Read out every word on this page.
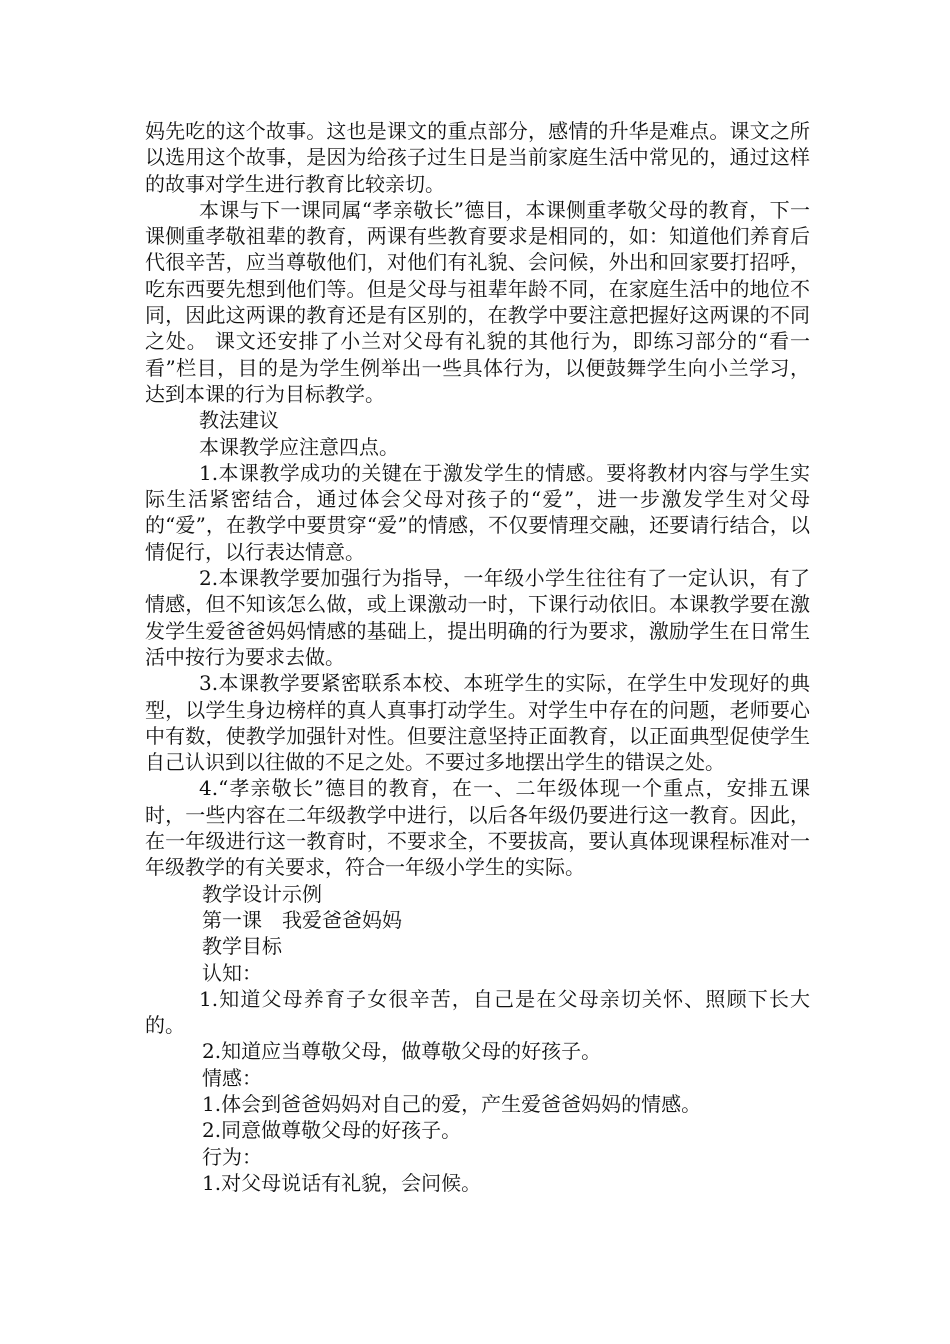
妈先吃的这个故事。这也是课文的重点部分，感情的升华是难点。课文之所以选用这个故事，是因为给孩子过生日是当前家庭生活中常见的，通过这样的故事对学生进行教育比较亲切。

本课与下一课同属“孝亲敬长”德目，本课侧重孝敬父母的教育，下一课侧重孝敬祖辈的教育，两课有些教育要求是相同的，如：知道他们养育后代很辛苦，应当尊敬他们，对他们有礼貌、会问候，外出和回家要打招呼，吃东西要先想到他们等。但是父母与祖辈年龄不同，在家庭生活中的地位不同，因此这两课的教育还是有区别的，在教学中要注意把握好这两课的不同之处。 课文还安排了小兰对父母有礼貌的其他行为，即练习部分的“看一看”栏目，目的是为学生例举出一些具体行为，以便鼓舞学生向小兰学习，达到本课的行为目标教学。

教法建议

本课教学应注意四点。

1.本课教学成功的关键在于激发学生的情感。要将教材内容与学生实际生活紧密结合，通过体会父母对孩子的“爱”，进一步激发学生对父母的“爱”，在教学中要贯穿“爱”的情感，不仅要情理交融，还要请行结合，以情促行，以行表达情意。

2.本课教学要加强行为指导，一年级小学生往往有了一定认识，有了情感，但不知该怎么做，或上课激动一时，下课行动依旧。本课教学要在激发学生爱爸爸妈妈情感的基础上，提出明确的行为要求，激励学生在日常生活中按行为要求去做。

3.本课教学要紧密联系本校、本班学生的实际，在学生中发现好的典型，以学生身边榜样的真人真事打动学生。对学生中存在的问题，老师要心中有数，使教学加强针对性。但要注意坚持正面教育，以正面典型促使学生自己认识到以往做的不足之处。不要过多地摆出学生的错误之处。

4.“孝亲敬长”德目的教育，在一、二年级体现一个重点，安排五课时，一些内容在二年级教学中进行，以后各年级仍要进行这一教育。因此，在一年级进行这一教育时，不要求全，不要拔高，要认真体现课程标准对一年级教学的有关要求，符合一年级小学生的实际。

教学设计示例

第一课　我爱爸爸妈妈

教学目标

认知：

1.知道父母养育子女很辛苦，自己是在父母亲切关怀、照顾下长大的。

2.知道应当尊敬父母，做尊敬父母的好孩子。

情感：

1.体会到爸爸妈妈对自己的爱，产生爱爸爸妈妈的情感。

2.同意做尊敬父母的好孩子。

行为：

1.对父母说话有礼貌，会问候。
